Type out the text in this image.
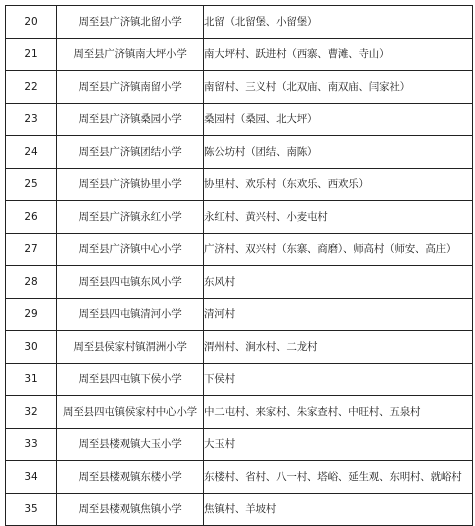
20	周至县广济镇北留小学	北留（北留堡、小留堡）
21	周至县广济镇南大坪小学	南大坪村、跃进村（西寨、曹滩、寺山）
22	周至县广济镇南留小学	南留村、三义村（北双庙、南双庙、闫家社）
23	周至县广济镇桑园小学	桑园村（桑园、北大坪）
24	周至县广济镇团结小学	陈公坊村（团结、南陈）
25	周至县广济镇协里小学	协里村、欢乐村（东欢乐、西欢乐）
26	周至县广济镇永红小学	永红村、黄兴村、小麦屯村
27	周至县广济镇中心小学	广济村、双兴村（东寨、商磨）、师高村（师安、高庄）
28	周至县四屯镇东风小学	东风村
29	周至县四屯镇清河小学	清河村
30	周至县侯家村镇渭洲小学	渭州村、涧水村、二龙村
31	周至县四屯镇下侯小学	下侯村
32	周至县四屯镇侯家村中心小学	中二屯村、来家村、朱家查村、中旺村、五泉村
33	周至县楼观镇大玉小学	大玉村
34	周至县楼观镇东楼小学	东楼村、省村、八一村、塔峪、延生观、东明村、就峪村
35	周至县楼观镇焦镇小学	焦镇村、羊坡村
